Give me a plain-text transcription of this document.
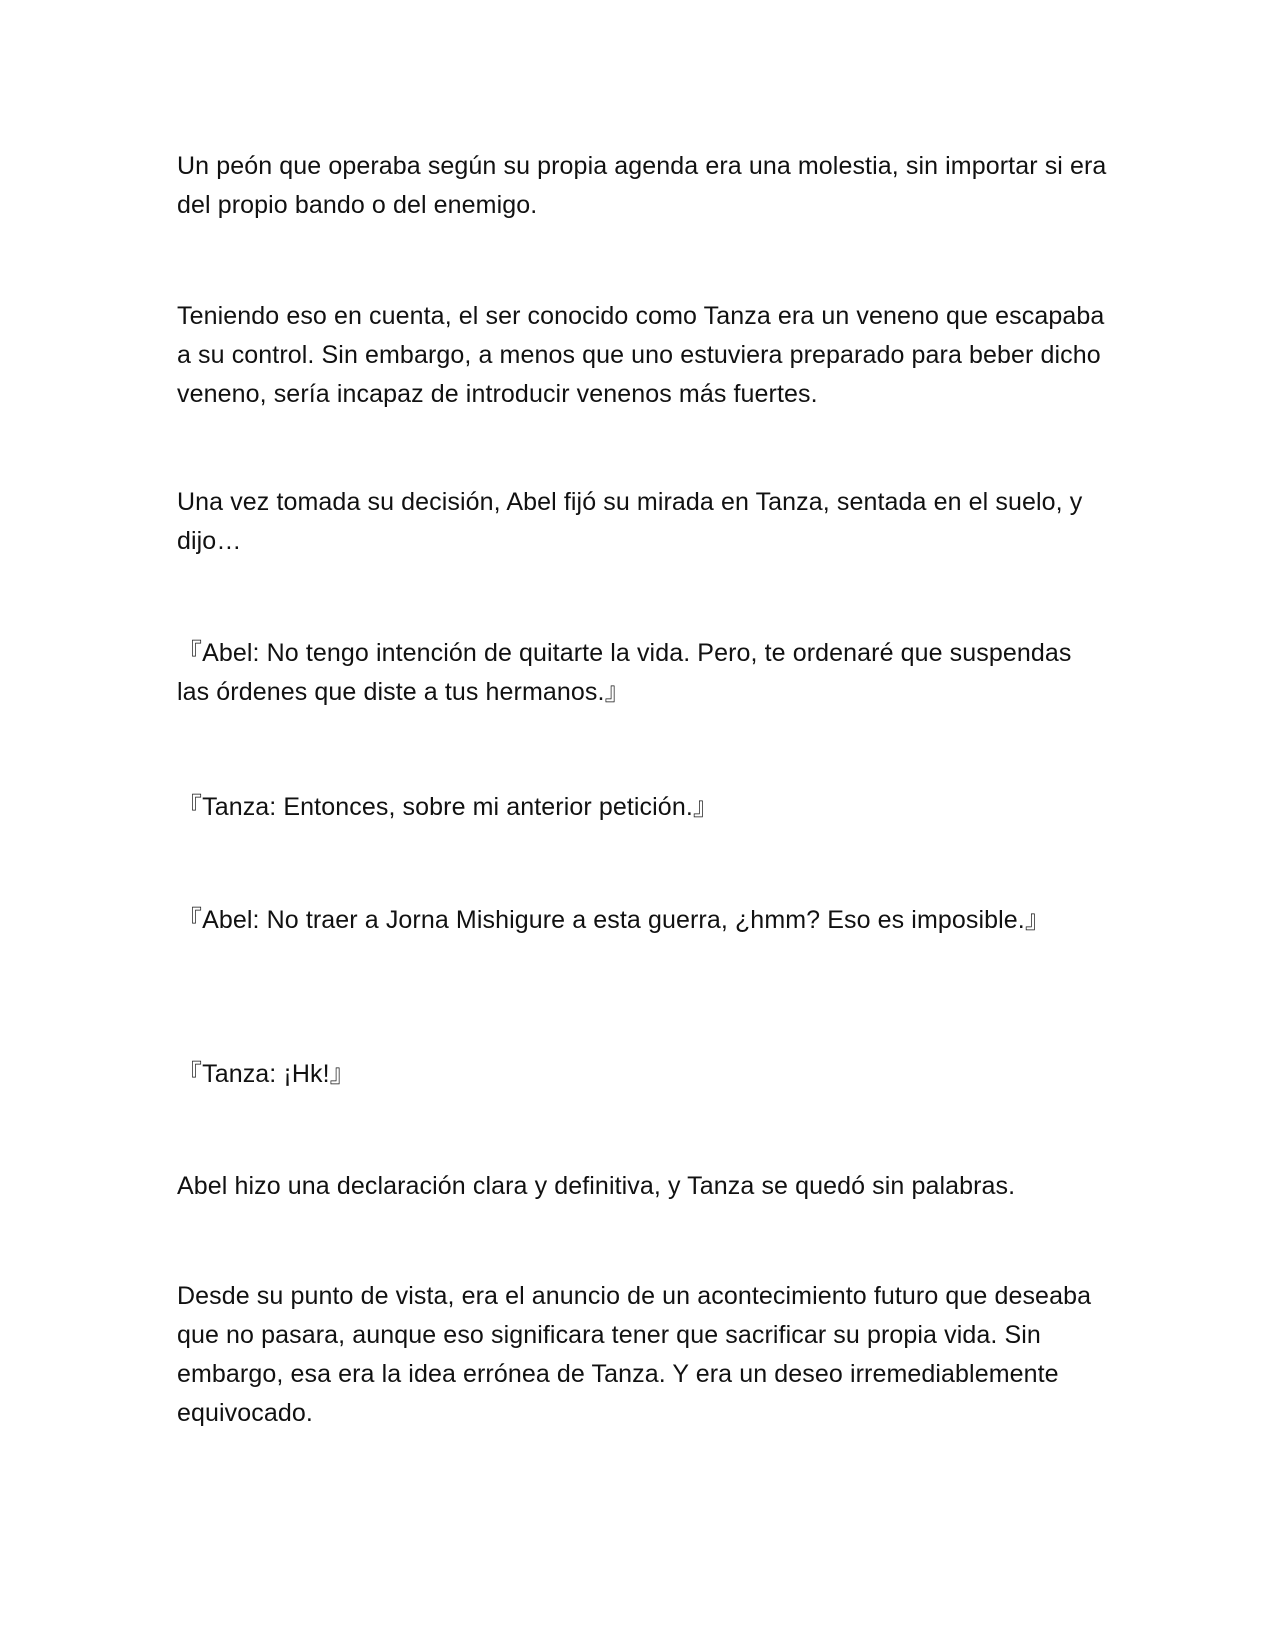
Un peón que operaba según su propia agenda era una molestia, sin importar si era del propio bando o del enemigo.

Teniendo eso en cuenta, el ser conocido como Tanza era un veneno que escapaba a su control. Sin embargo, a menos que uno estuviera preparado para beber dicho veneno, sería incapaz de introducir venenos más fuertes.

Una vez tomada su decisión, Abel fijó su mirada en Tanza, sentada en el suelo, y dijo…

『Abel: No tengo intención de quitarte la vida. Pero, te ordenaré que suspendas las órdenes que diste a tus hermanos.』

『Tanza: Entonces, sobre mi anterior petición.』

『Abel: No traer a Jorna Mishigure a esta guerra, ¿hmm? Eso es imposible.』

『Tanza: ¡Hk!』

Abel hizo una declaración clara y definitiva, y Tanza se quedó sin palabras.

Desde su punto de vista, era el anuncio de un acontecimiento futuro que deseaba que no pasara, aunque eso significara tener que sacrificar su propia vida. Sin embargo, esa era la idea errónea de Tanza. Y era un deseo irremediablemente equivocado.
